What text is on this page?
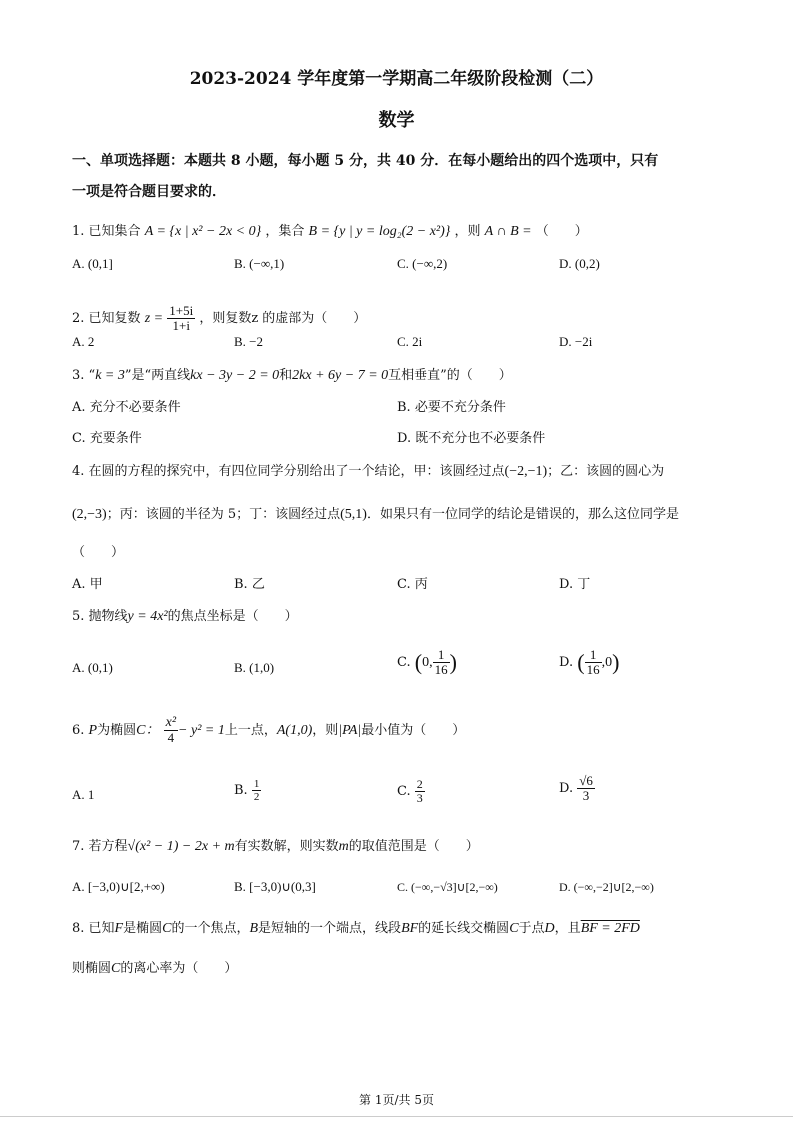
2023-2024 学年度第一学期高二年级阶段检测（二）
数学
一、单项选择题：本题共 8 小题，每小题 5 分，共 40 分．在每小题给出的四个选项中，只有
一项是符合题目要求的．
1. 已知集合 A = {x | x² − 2x < 0} ，集合 B = {y | y = log₂(2 − x²)} ，则 A ∩ B = （　　）
A. (0,1]	B. (−∞,1)	C. (−∞,2)	D. (0,2)
2. 已知复数 $z = \frac{1+5i}{1+i}$ ，则复数z 的虚部为（　　）
A. 2	B. −2	C. 2i	D. −2i
3. “k = 3”是“两直线kx − 3y − 2 = 0和2kx + 6y − 7 = 0互相垂直”的（　　）
A. 充分不必要条件	B. 必要不充分条件
C. 充要条件	D. 既不充分也不必要条件
4. 在圆的方程的探究中，有四位同学分别给出了一个结论，甲：该圆经过点(−2,−1)；乙：该圆的圆心为
(2,−3)；丙：该圆的半径为 5；丁：该圆经过点(5,1)．如果只有一位同学的结论是错误的，那么这位同学是
（　　）
A. 甲	B. 乙	C. 丙	D. 丁
5. 抛物线y = 4x²的焦点坐标是（　　）
A. (0,1)	B. (1,0)	C. (0, $\frac{1}{16}$ )	D. ( $\frac{1}{16} ,0$)
6. P为椭圆C： $\frac{\text{x²}}{4} - y^2 = 1$上一点，A(1,0)，则|PA|最小值为（　　）
A. 1	B. $\frac{1}{2}$	C. $\frac{2}{3}$	D. $\frac{√6}{3}$
7. 若方程√(x² − 1) − 2x + m有实数解，则实数m的取值范围是（　　）
A. [−3,0)∪[2,+∞)	B. [−3,0)∪(0,3]	C. (−∞,−√3]∪[2,−∞)	D. (−∞,−2]∪[2,−∞)
8. 已知F是椭圆C的一个焦点，B是短轴的一个端点，线段BF的延长线交椭圆C于点D，且BF = 2FD
则椭圆C的离心率为（　　）
第 1页/共 5页
